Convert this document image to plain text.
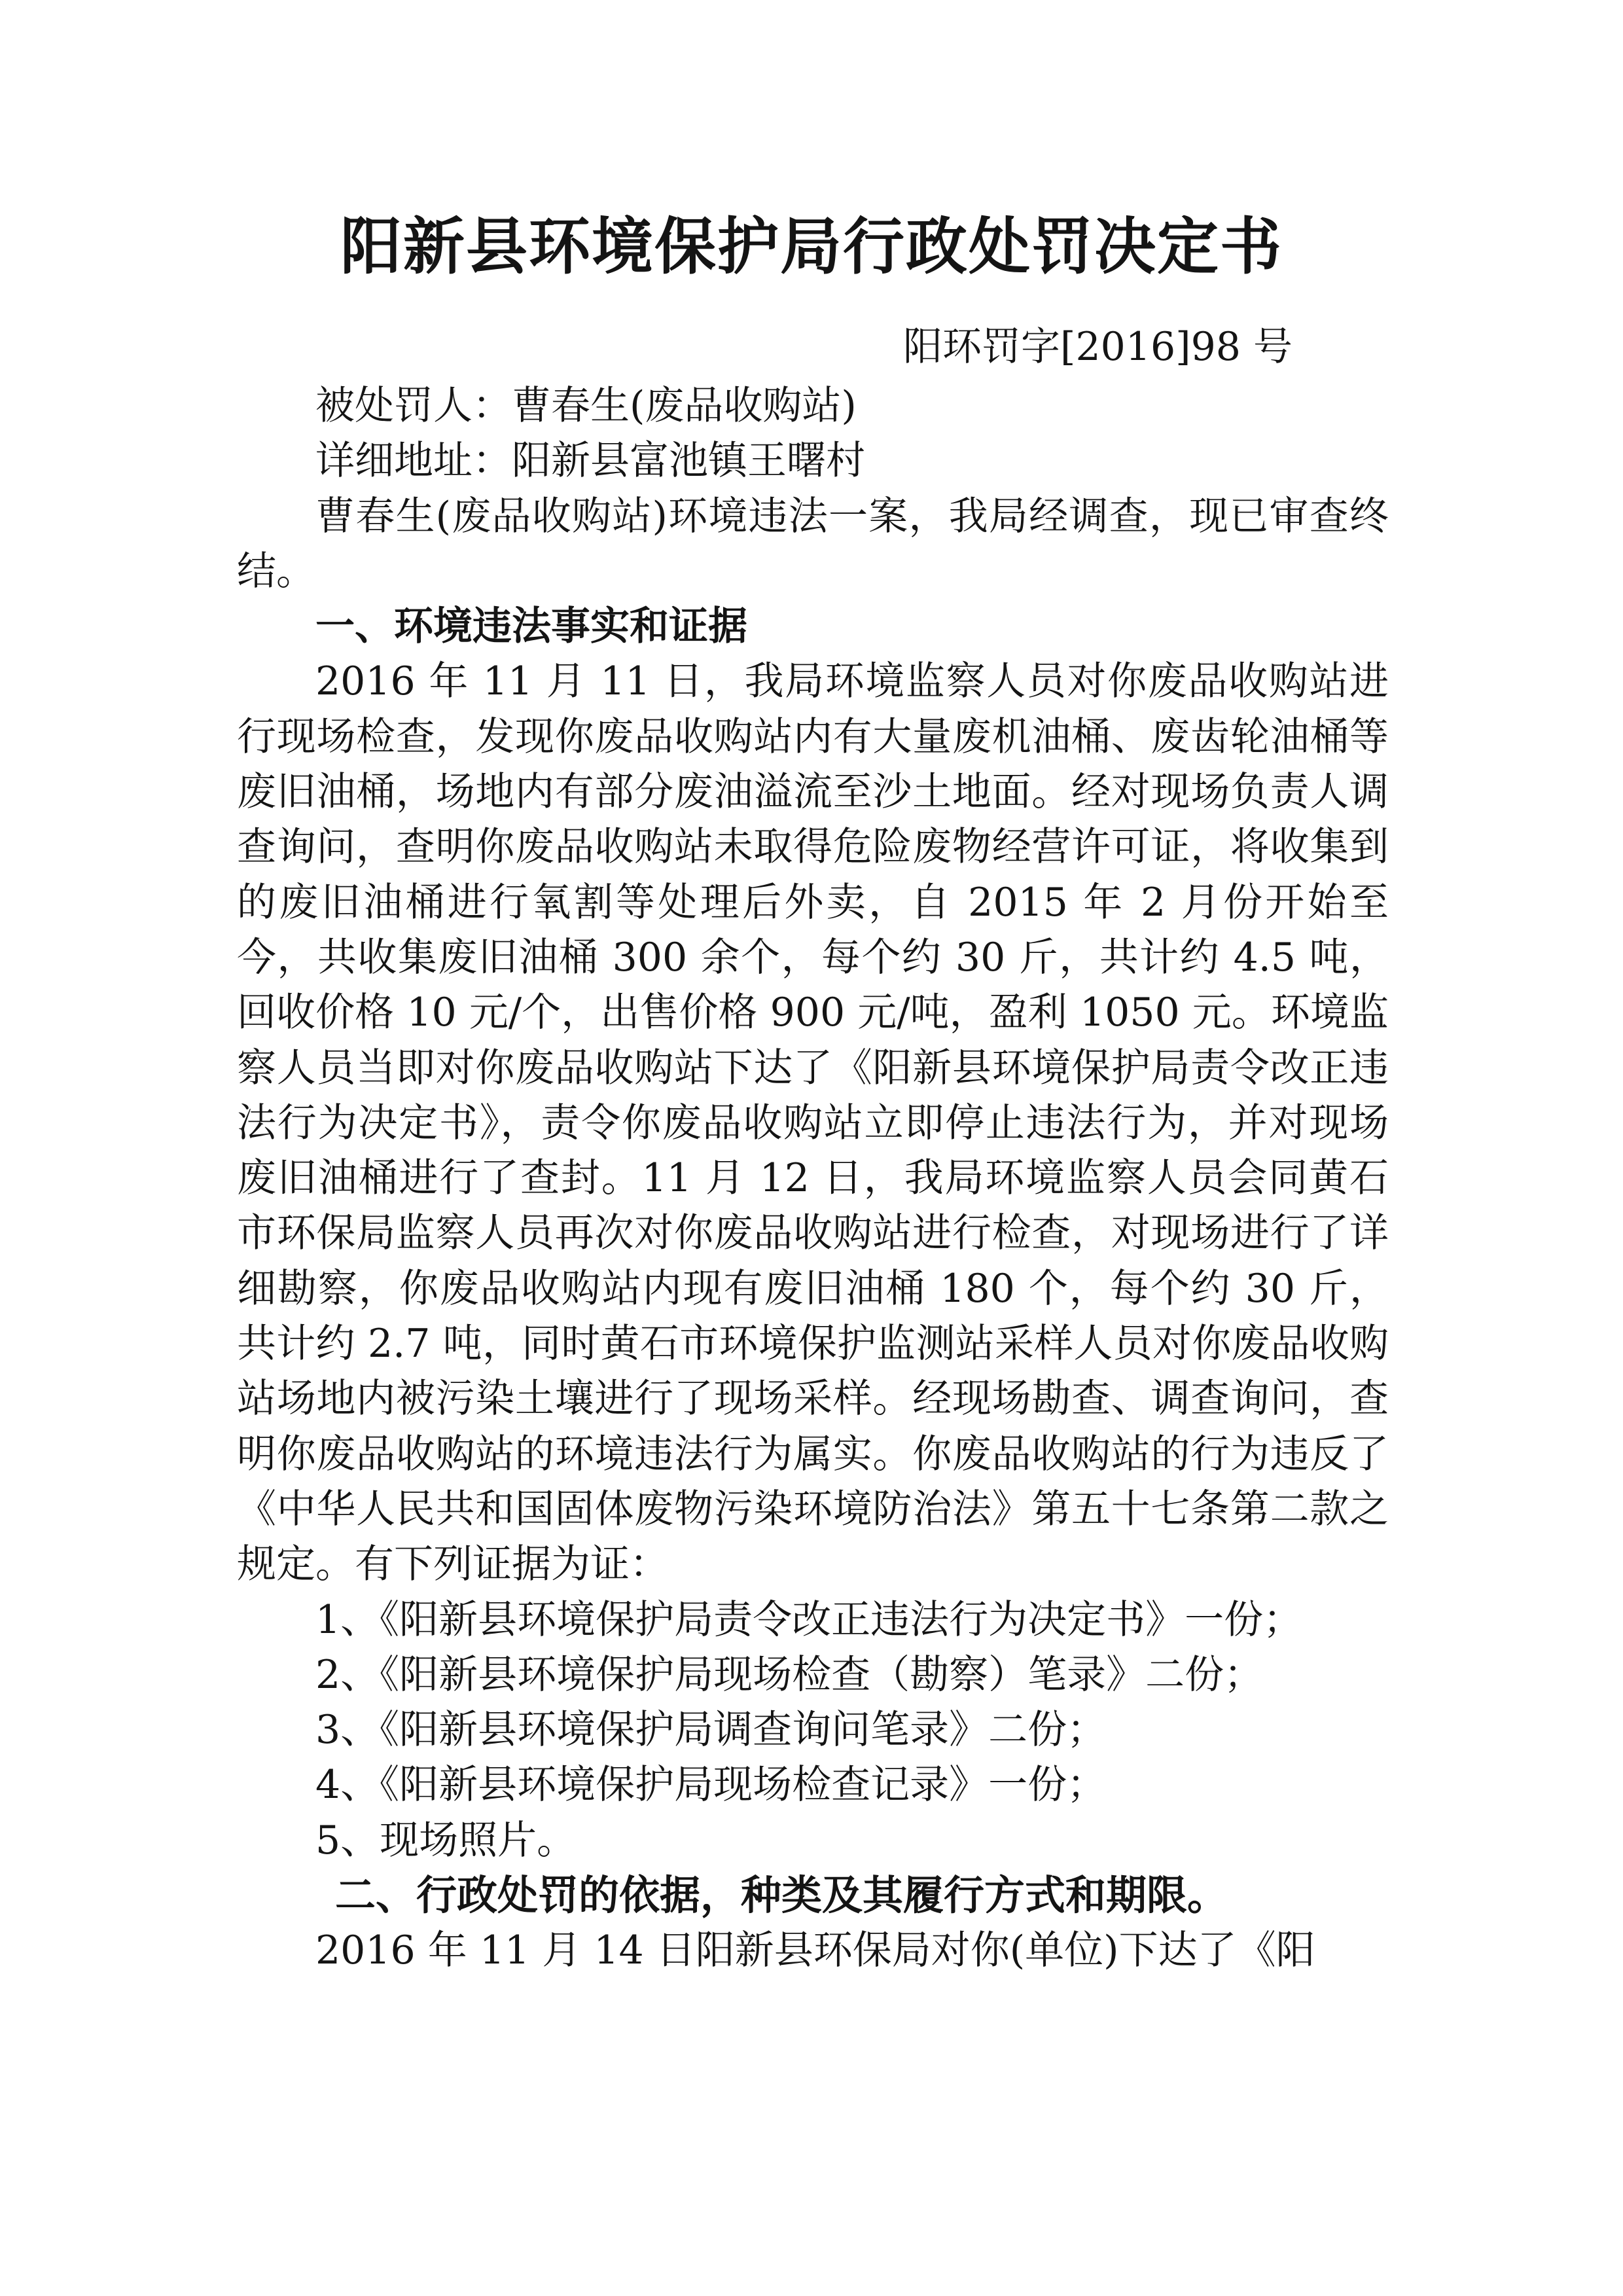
阳新县环境保护局行政处罚决定书

阳环罚字[2016]98 号

被处罚人：曹春生(废品收购站)

详细地址：阳新县富池镇王曙村

曹春生(废品收购站)环境违法一案，我局经调查，现已审查终结。

一、环境违法事实和证据

2016 年 11 月 11 日，我局环境监察人员对你废品收购站进行现场检查，发现你废品收购站内有大量废机油桶、废齿轮油桶等废旧油桶，场地内有部分废油溢流至沙土地面。经对现场负责人调查询问，查明你废品收购站未取得危险废物经营许可证，将收集到的废旧油桶进行氧割等处理后外卖，自 2015 年 2 月份开始至今，共收集废旧油桶 300 余个，每个约 30 斤，共计约 4.5 吨，回收价格 10 元/个，出售价格 900 元/吨，盈利 1050 元。环境监察人员当即对你废品收购站下达了《阳新县环境保护局责令改正违法行为决定书》，责令你废品收购站立即停止违法行为，并对现场废旧油桶进行了查封。11 月 12 日，我局环境监察人员会同黄石市环保局监察人员再次对你废品收购站进行检查，对现场进行了详细勘察，你废品收购站内现有废旧油桶 180 个，每个约 30 斤，共计约 2.7 吨，同时黄石市环境保护监测站采样人员对你废品收购站场地内被污染土壤进行了现场采样。经现场勘查、调查询问，查明你废品收购站的环境违法行为属实。你废品收购站的行为违反了《中华人民共和国固体废物污染环境防治法》第五十七条第二款之规定。有下列证据为证：

1、《阳新县环境保护局责令改正违法行为决定书》一份；

2、《阳新县环境保护局现场检查（勘察）笔录》二份；

3、《阳新县环境保护局调查询问笔录》二份；

4、《阳新县环境保护局现场检查记录》一份；

5、现场照片。

二、行政处罚的依据，种类及其履行方式和期限。

2016 年 11 月 14 日阳新县环保局对你(单位)下达了《阳
